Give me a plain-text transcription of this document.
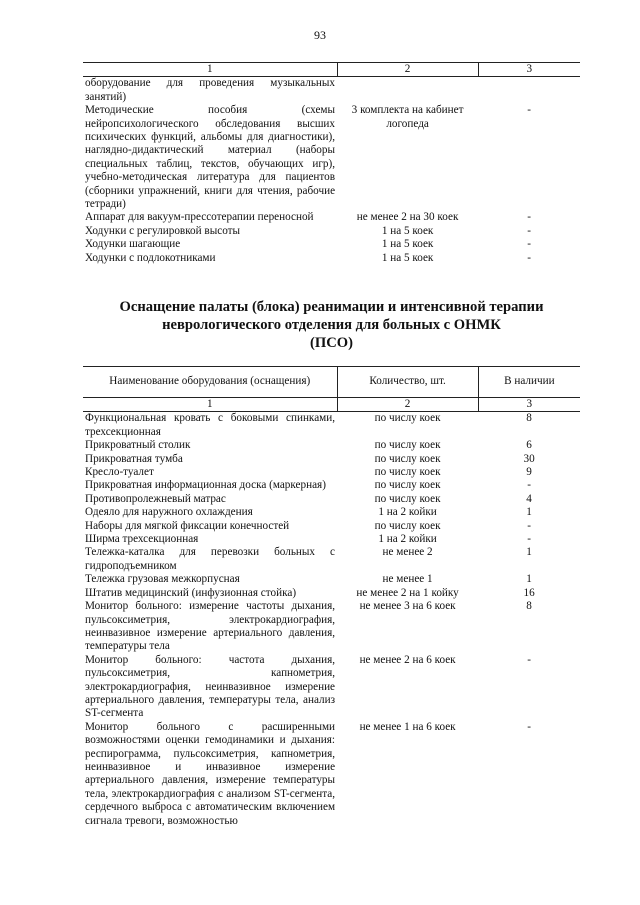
93
1	2	3
оборудование для проведения музыкальных занятий)		
Методические пособия (схемы нейропсихологического обследования высших психических функций, альбомы для диагностики), наглядно-дидактический материал (наборы специальных таблиц, текстов, обучающих игр), учебно-методическая литература для пациентов (сборники упражнений, книги для чтения, рабочие тетради)	3 комплекта на кабинет логопеда	-
Аппарат для вакуум-прессотерапии переносной	не менее 2 на 30 коек	-
Ходунки с регулировкой высоты	1 на 5 коек	-
Ходунки шагающие	1 на 5 коек	-
Ходунки с подлокотниками	1 на 5 коек	-
Оснащение палаты (блока) реанимации и интенсивной терапии
неврологического отделения для больных с ОНМК
(ПСО)
Наименование оборудования (оснащения)	Количество, шт.	В наличии
1	2	3
Функциональная кровать с боковыми спинками, трехсекционная	по числу коек	8
Прикроватный столик	по числу коек	6
Прикроватная тумба	по числу коек	30
Кресло-туалет	по числу коек	9
Прикроватная информационная доска (маркерная)	по числу коек	-
Противопролежневый матрас	по числу коек	4
Одеяло для наружного охлаждения	1 на 2 койки	1
Наборы для мягкой фиксации конечностей	по числу коек	-
Ширма трехсекционная	1 на 2 койки	-
Тележка-каталка для перевозки больных с гидроподъемником	не менее 2	1
Тележка грузовая межкорпусная	не менее 1	1
Штатив медицинский (инфузионная стойка)	не менее 2 на 1 койку	16
Монитор больного: измерение частоты дыхания, пульсоксиметрия, электрокардиография, неинвазивное измерение артериального давления, температуры тела	не менее 3 на 6 коек	8
Монитор больного: частота дыхания, пульсоксиметрия, капнометрия, электрокардиография, неинвазивное измерение артериального давления, температуры тела, анализ ST-сегмента	не менее 2 на 6 коек	-
Монитор больного с расширенными возможностями оценки гемодинамики и дыхания: респирограмма, пульсоксиметрия, капнометрия, неинвазивное и инвазивное измерение артериального давления, измерение температуры тела, электрокардиография с анализом ST-сегмента, сердечного выброса с автоматическим включением сигнала тревоги, возможностью	не менее 1 на 6 коек	-
